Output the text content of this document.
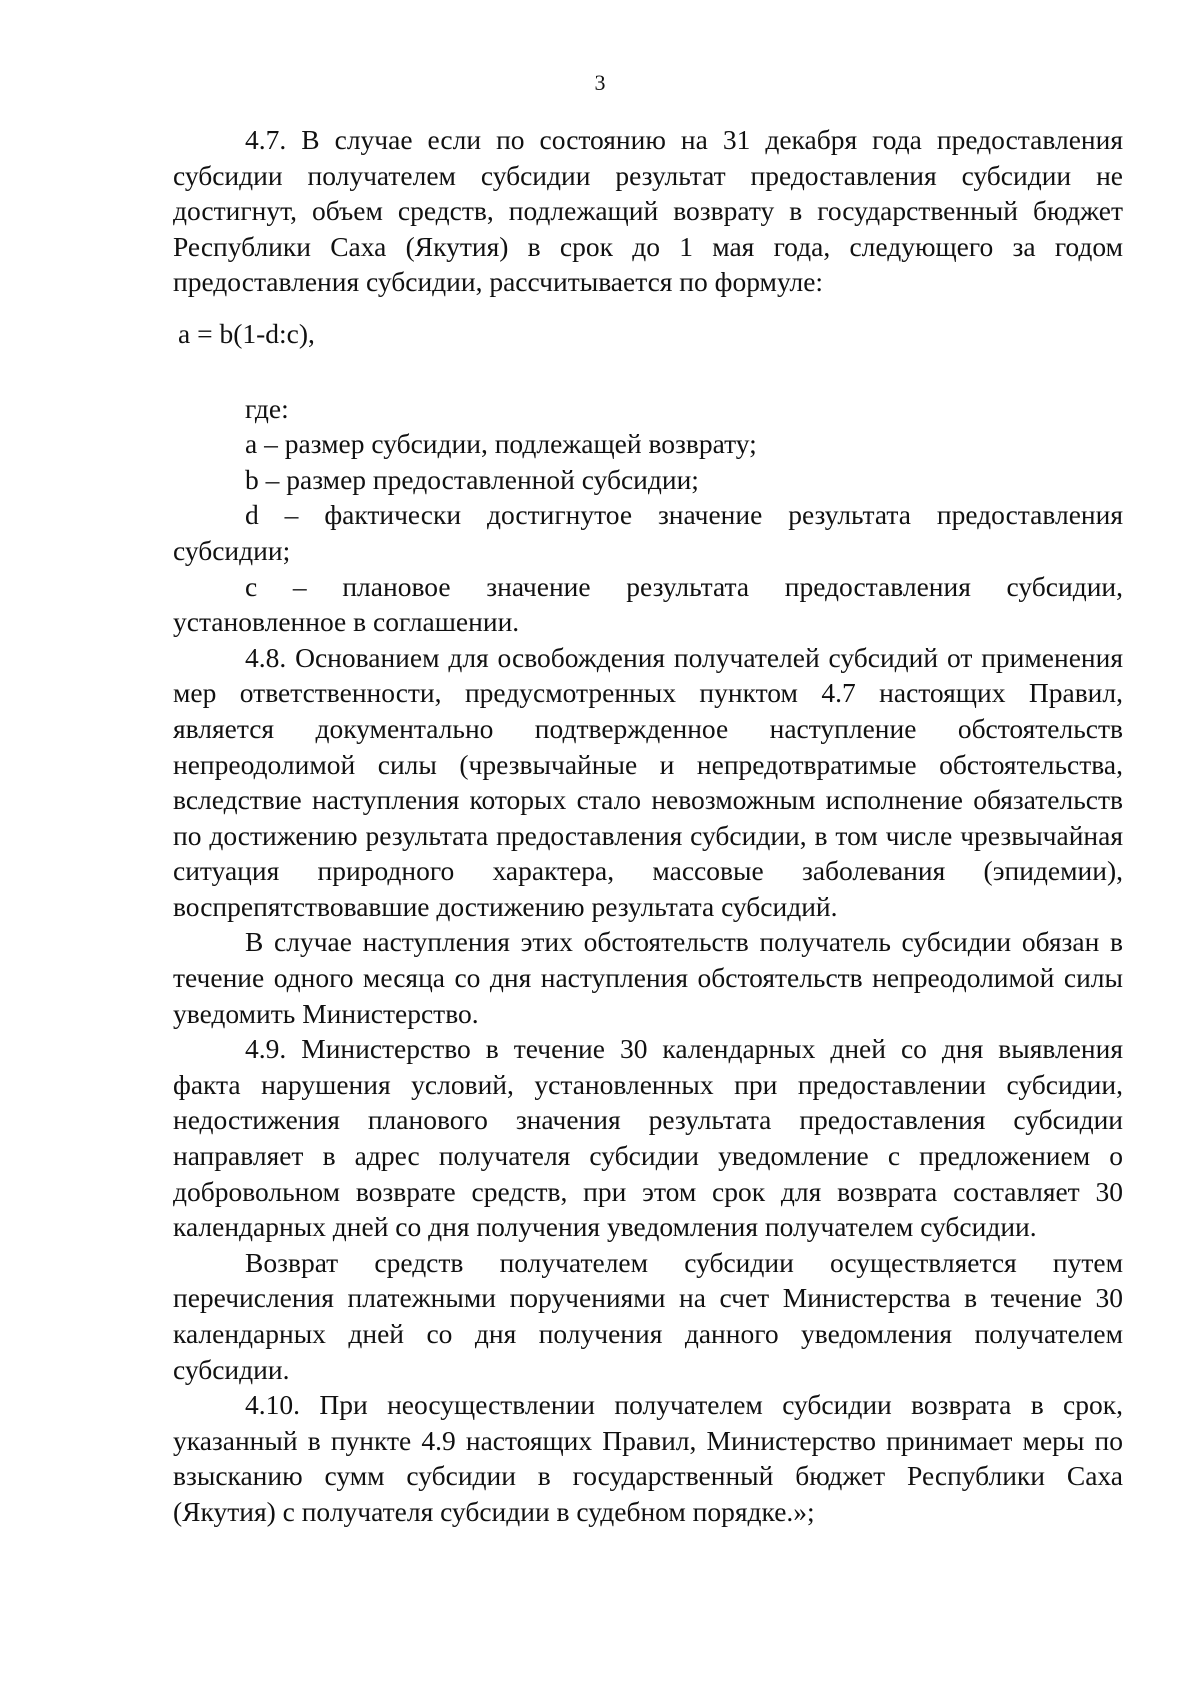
3

4.7. В случае если по состоянию на 31 декабря года предоставления субсидии получателем субсидии результат предоставления субсидии не достигнут, объем средств, подлежащий возврату в государственный бюджет Республики Саха (Якутия) в срок до 1 мая года, следующего за годом предоставления субсидии, рассчитывается по формуле:

a = b(1-d:c),

где:

a – размер субсидии, подлежащей возврату;

b – размер предоставленной субсидии;

d – фактически достигнутое значение результата предоставления субсидии;

c – плановое значение результата предоставления субсидии, установленное в соглашении.

4.8. Основанием для освобождения получателей субсидий от применения мер ответственности, предусмотренных пунктом 4.7 настоящих Правил, является документально подтвержденное наступление обстоятельств непреодолимой силы (чрезвычайные и непредотвратимые обстоятельства, вследствие наступления которых стало невозможным исполнение обязательств по достижению результата предоставления субсидии, в том числе чрезвычайная ситуация природного характера, массовые заболевания (эпидемии), воспрепятствовавшие достижению результата субсидий.

В случае наступления этих обстоятельств получатель субсидии обязан в течение одного месяца со дня наступления обстоятельств непреодолимой силы уведомить Министерство.

4.9. Министерство в течение 30 календарных дней со дня выявления факта нарушения условий, установленных при предоставлении субсидии, недостижения планового значения результата предоставления субсидии направляет в адрес получателя субсидии уведомление с предложением о добровольном возврате средств, при этом срок для возврата составляет 30 календарных дней со дня получения уведомления получателем субсидии.

Возврат средств получателем субсидии осуществляется путем перечисления платежными поручениями на счет Министерства в течение 30 календарных дней со дня получения данного уведомления получателем субсидии.

4.10. При неосуществлении получателем субсидии возврата в срок, указанный в пункте 4.9 настоящих Правил, Министерство принимает меры по взысканию сумм субсидии в государственный бюджет Республики Саха (Якутия) с получателя субсидии в судебном порядке.»;
